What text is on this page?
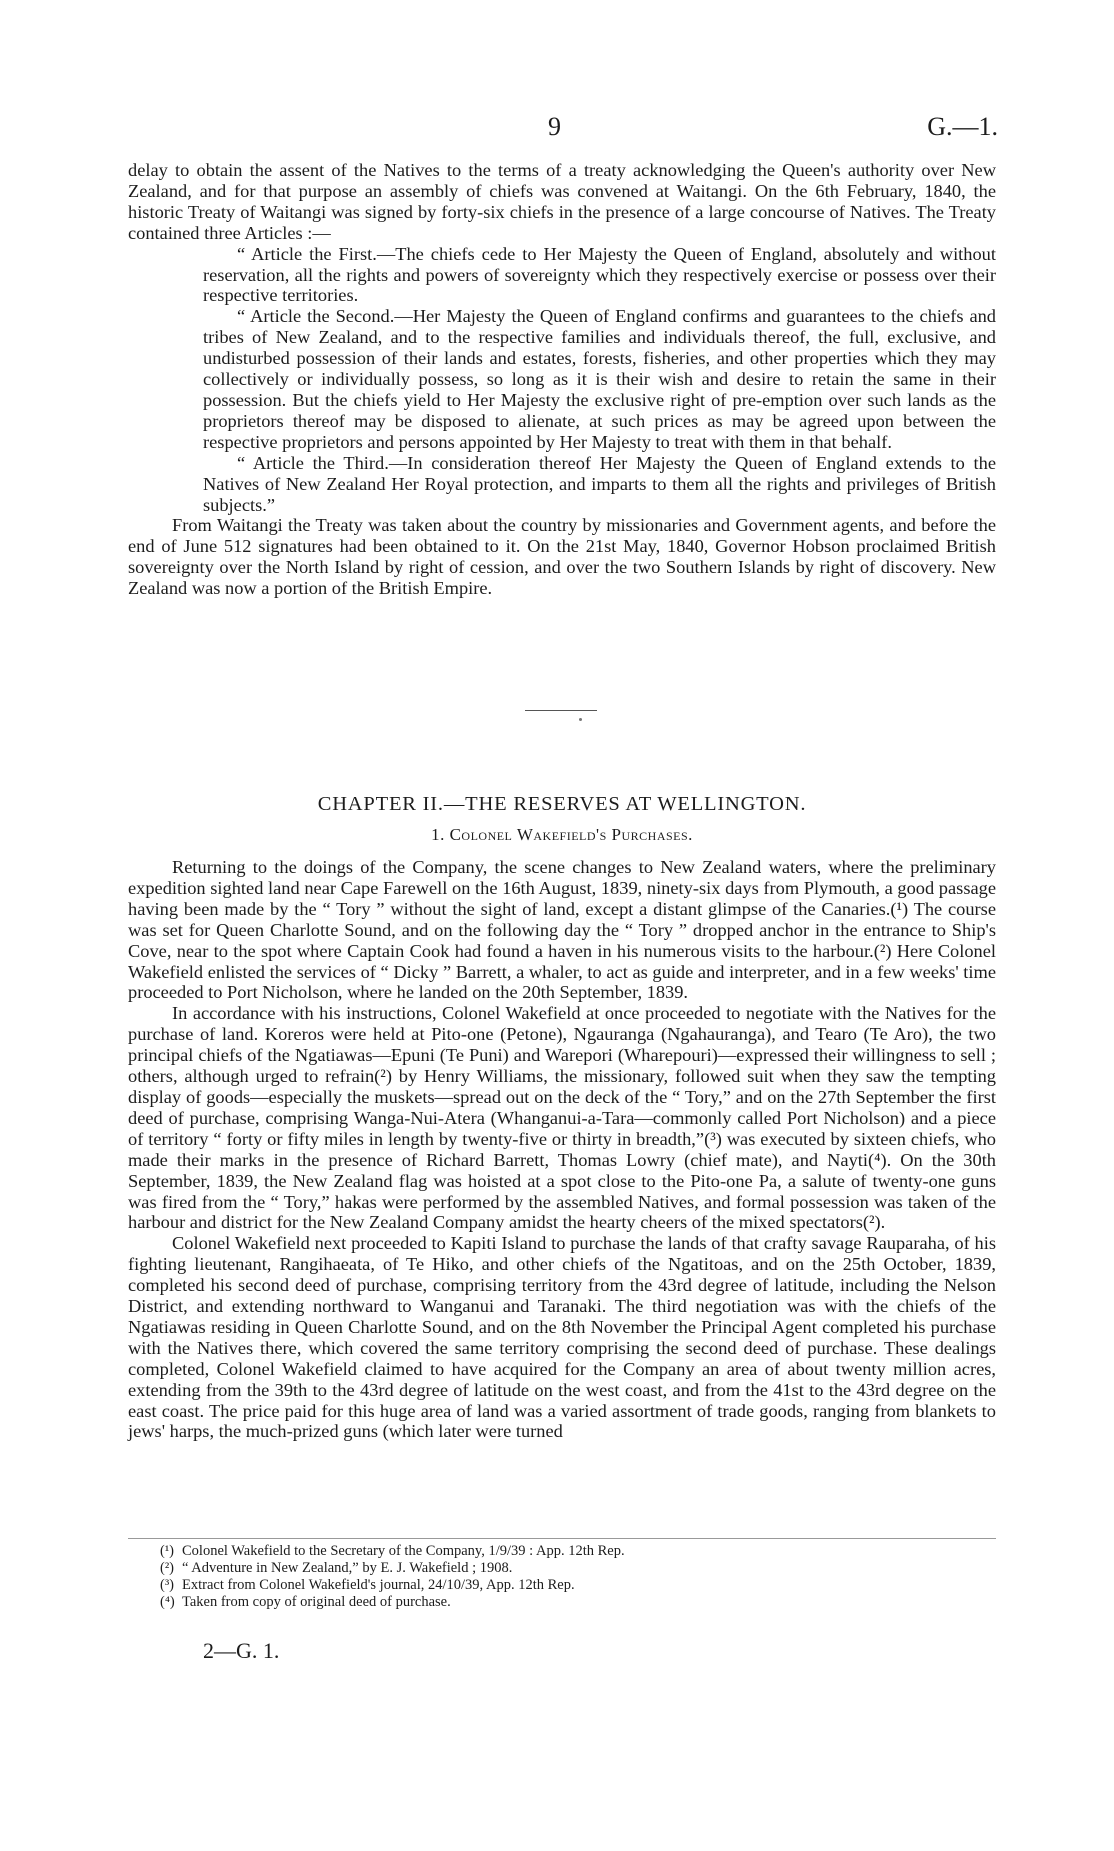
9	G.—1.

delay to obtain the assent of the Natives to the terms of a treaty acknowledging the Queen's authority over New Zealand, and for that purpose an assembly of chiefs was convened at Waitangi. On the 6th February, 1840, the historic Treaty of Waitangi was signed by forty-six chiefs in the presence of a large concourse of Natives. The Treaty contained three Articles :—

“ Article the First.—The chiefs cede to Her Majesty the Queen of England, absolutely and without reservation, all the rights and powers of sovereignty which they respectively exercise or possess over their respective territories.

“ Article the Second.—Her Majesty the Queen of England confirms and guarantees to the chiefs and tribes of New Zealand, and to the respective families and individuals thereof, the full, exclusive, and undisturbed possession of their lands and estates, forests, fisheries, and other properties which they may collectively or individually possess, so long as it is their wish and desire to retain the same in their possession. But the chiefs yield to Her Majesty the exclusive right of pre-emption over such lands as the proprietors thereof may be disposed to alienate, at such prices as may be agreed upon between the respective proprietors and persons appointed by Her Majesty to treat with them in that behalf.

“ Article the Third.—In consideration thereof Her Majesty the Queen of England extends to the Natives of New Zealand Her Royal protection, and imparts to them all the rights and privileges of British subjects.”

From Waitangi the Treaty was taken about the country by missionaries and Government agents, and before the end of June 512 signatures had been obtained to it. On the 21st May, 1840, Governor Hobson proclaimed British sovereignty over the North Island by right of cession, and over the two Southern Islands by right of discovery. New Zealand was now a portion of the British Empire.

CHAPTER II.—THE RESERVES AT WELLINGTON.
1. Colonel Wakefield's Purchases.

Returning to the doings of the Company, the scene changes to New Zealand waters, where the preliminary expedition sighted land near Cape Farewell on the 16th August, 1839, ninety-six days from Plymouth, a good passage having been made by the “ Tory ” without the sight of land, except a distant glimpse of the Canaries.(¹) The course was set for Queen Charlotte Sound, and on the following day the “ Tory ” dropped anchor in the entrance to Ship's Cove, near to the spot where Captain Cook had found a haven in his numerous visits to the harbour.(²) Here Colonel Wakefield enlisted the services of “ Dicky ” Barrett, a whaler, to act as guide and interpreter, and in a few weeks' time proceeded to Port Nicholson, where he landed on the 20th September, 1839.

In accordance with his instructions, Colonel Wakefield at once proceeded to negotiate with the Natives for the purchase of land. Koreros were held at Pito-one (Petone), Ngauranga (Ngahauranga), and Tearo (Te Aro), the two principal chiefs of the Ngatiawas—Epuni (Te Puni) and Warepori (Wharepouri)—expressed their willingness to sell ; others, although urged to refrain(²) by Henry Williams, the missionary, followed suit when they saw the tempting display of goods—especially the muskets—spread out on the deck of the “ Tory,” and on the 27th September the first deed of purchase, comprising Wanga-Nui-Atera (Whanganui-a-Tara—commonly called Port Nicholson) and a piece of territory “ forty or fifty miles in length by twenty-five or thirty in breadth,”(³) was executed by sixteen chiefs, who made their marks in the presence of Richard Barrett, Thomas Lowry (chief mate), and Nayti(⁴). On the 30th September, 1839, the New Zealand flag was hoisted at a spot close to the Pito-one Pa, a salute of twenty-one guns was fired from the “ Tory,” hakas were performed by the assembled Natives, and formal possession was taken of the harbour and district for the New Zealand Company amidst the hearty cheers of the mixed spectators(²).

Colonel Wakefield next proceeded to Kapiti Island to purchase the lands of that crafty savage Rauparaha, of his fighting lieutenant, Rangihaeata, of Te Hiko, and other chiefs of the Ngatitoas, and on the 25th October, 1839, completed his second deed of purchase, comprising territory from the 43rd degree of latitude, including the Nelson District, and extending northward to Wanganui and Taranaki. The third negotiation was with the chiefs of the Ngatiawas residing in Queen Charlotte Sound, and on the 8th November the Principal Agent completed his purchase with the Natives there, which covered the same territory comprising the second deed of purchase. These dealings completed, Colonel Wakefield claimed to have acquired for the Company an area of about twenty million acres, extending from the 39th to the 43rd degree of latitude on the west coast, and from the 41st to the 43rd degree on the east coast. The price paid for this huge area of land was a varied assortment of trade goods, ranging from blankets to jews' harps, the much-prized guns (which later were turned

(¹) Colonel Wakefield to the Secretary of the Company, 1/9/39 : App. 12th Rep.

(²) “ Adventure in New Zealand,” by E. J. Wakefield ; 1908.

(³) Extract from Colonel Wakefield's journal, 24/10/39, App. 12th Rep.

(⁴) Taken from copy of original deed of purchase.

2—G. 1.
